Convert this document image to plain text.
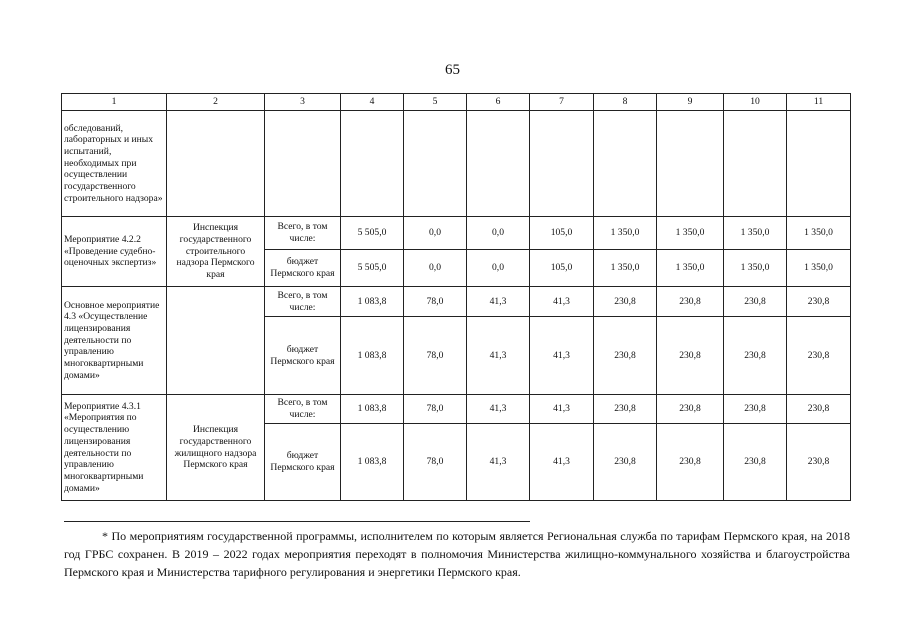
65
1	2	3	4	5	6	7	8	9	10	11
обследований, лабораторных и иных испытаний, необходимых при осуществлении государственного строительного надзора»										
Мероприятие 4.2.2 «Проведение судебно-оценочных экспертиз»	Инспекция государственного строительного надзора Пермского края	Всего, в том числе:	5 505,0	0,0	0,0	105,0	1 350,0	1 350,0	1 350,0	1 350,0
		бюджет Пермского края	5 505,0	0,0	0,0	105,0	1 350,0	1 350,0	1 350,0	1 350,0
Основное мероприятие 4.3 «Осуществление лицензирования деятельности по управлению многоквартирными домами»		Всего, в том числе:	1 083,8	78,0	41,3	41,3	230,8	230,8	230,8	230,8
		бюджет Пермского края	1 083,8	78,0	41,3	41,3	230,8	230,8	230,8	230,8
Мероприятие 4.3.1 «Мероприятия по осуществлению лицензирования деятельности по управлению многоквартирными домами»	Инспекция государственного жилищного надзора Пермского края	Всего, в том числе:	1 083,8	78,0	41,3	41,3	230,8	230,8	230,8	230,8
		бюджет Пермского края	1 083,8	78,0	41,3	41,3	230,8	230,8	230,8	230,8
* По мероприятиям государственной программы, исполнителем по которым является Региональная служба по тарифам Пермского края, на 2018 год ГРБС сохранен. В 2019 – 2022 годах мероприятия переходят в полномочия Министерства жилищно-коммунального хозяйства и благоустройства Пермского края и Министерства тарифного регулирования и энергетики Пермского края.
